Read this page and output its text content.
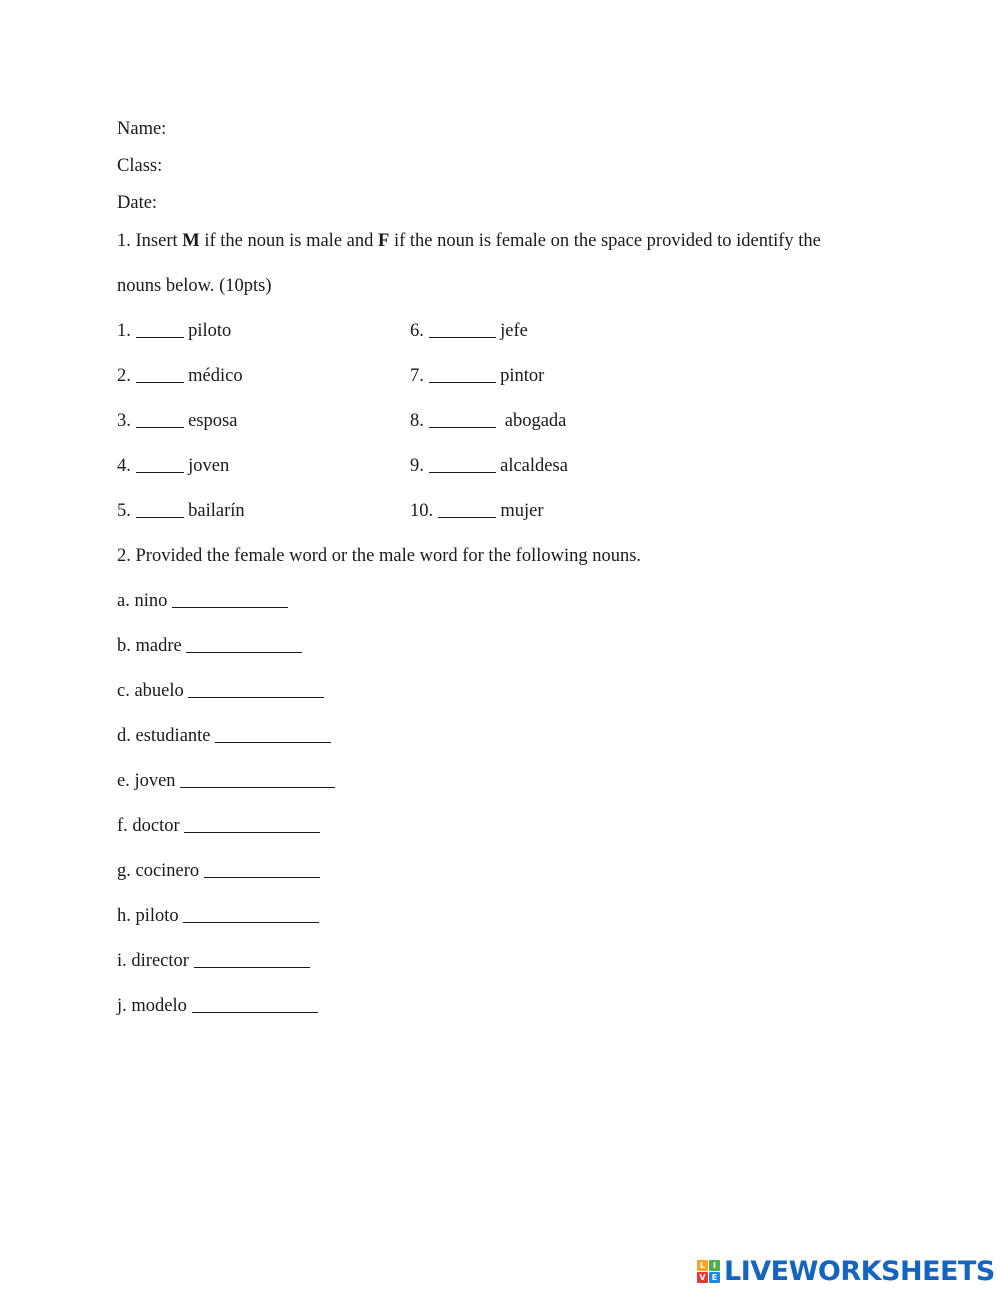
Name:
Class:
Date:
1. Insert M if the noun is male and F if the noun is female on the space provided to identify the
nouns below. (10pts)
1.	piloto
2.	médico
3.	esposa
4.	joven
5.	bailarín
6.	jefe
7.	pintor
8.	abogada
9.	alcaldesa
10.	mujer
2. Provided the female word or the male word for the following nouns.
a. nino
b. madre
c. abuelo
d. estudiante
e. joven
f. doctor
g. cocinero
h. piloto
i. director
j. modelo
L I
V E LIVEWORKSHEETS
